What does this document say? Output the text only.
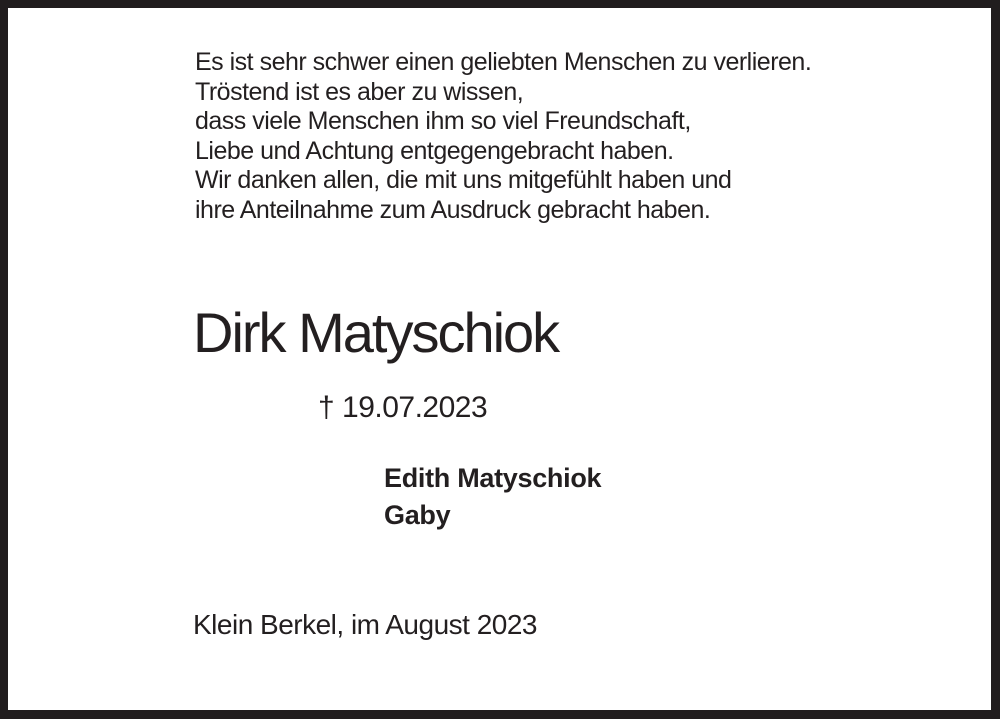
Es ist sehr schwer einen geliebten Menschen zu verlieren.
Tröstend ist es aber zu wissen,
dass viele Menschen ihm so viel Freundschaft,
Liebe und Achtung entgegengebracht haben.
Wir danken allen, die mit uns mitgefühlt haben und
ihre Anteilnahme zum Ausdruck gebracht haben.
Dirk Matyschiok
† 19.07.2023
Edith Matyschiok
Gaby
Klein Berkel, im August 2023
